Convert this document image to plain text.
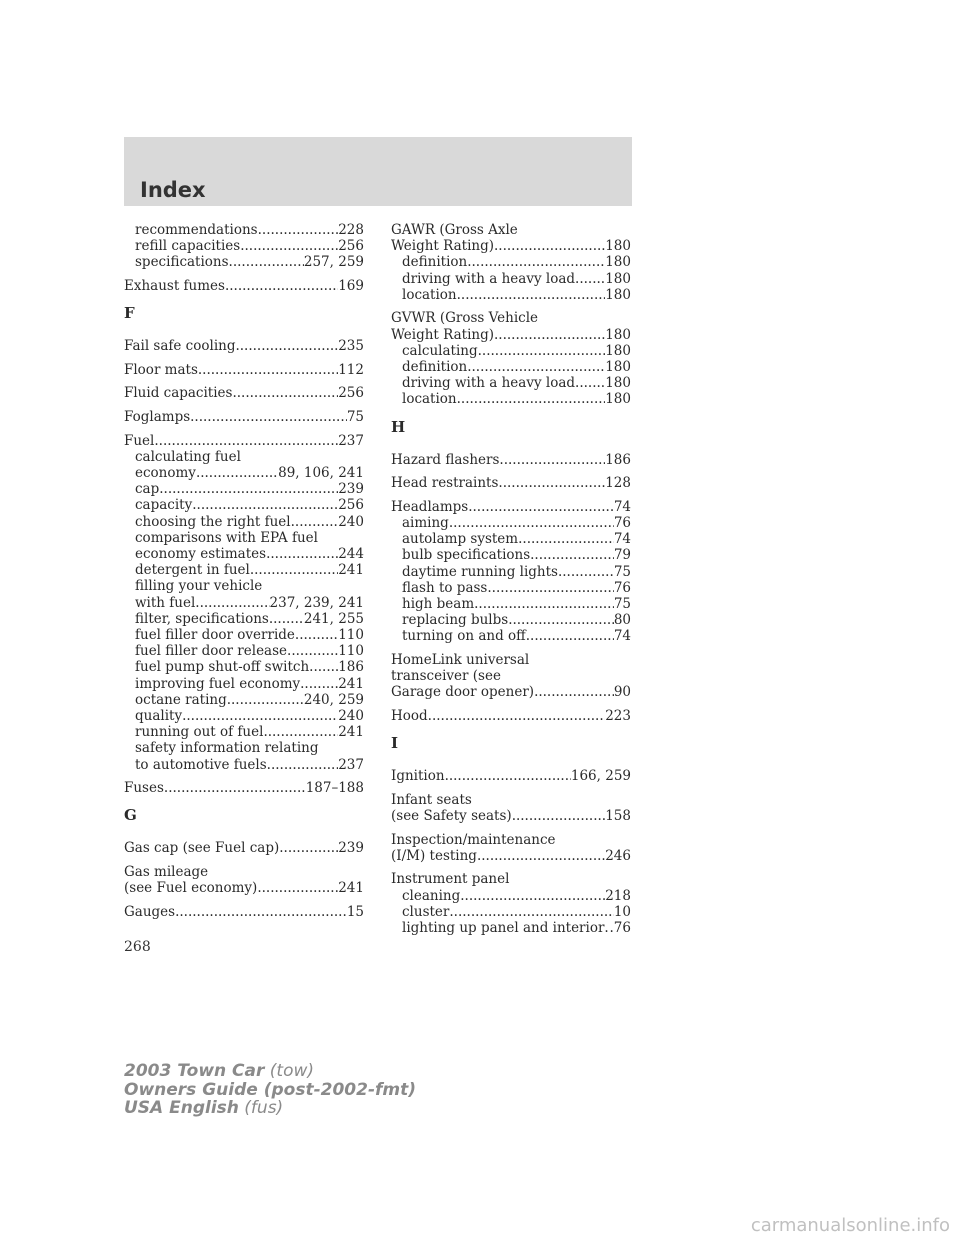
Index
recommendations .....	228
refill capacities .....	256
specifications .....	257, 259
Exhaust fumes .....	169
F
Fail safe cooling .....	235
Floor mats .....	112
Fluid capacities .....	256
Foglamps .....	75
Fuel .....	237
calculating fuel
economy .....	89, 106, 241
cap .....	239
capacity .....	256
choosing the right fuel .....	240
comparisons with EPA fuel
economy estimates .....	244
detergent in fuel .....	241
filling your vehicle
with fuel .....	237, 239, 241
filter, specifications .....	241, 255
fuel filler door override .....	110
fuel filler door release .....	110
fuel pump shut-off switch ..... 186
improving fuel economy .....	241
octane rating .....	240, 259
quality .....	240
running out of fuel .....	241
safety information relating
to automotive fuels .....	237
Fuses .....	187–188
G
Gas cap (see Fuel cap) .....	239
Gas mileage
(see Fuel economy) .....	241
Gauges .....	15
GAWR (Gross Axle
Weight Rating) .....	180
definition .....	180
driving with a heavy load ..... 180
location .....	180
GVWR (Gross Vehicle
Weight Rating) .....	180
calculating .....	180
definition .....	180
driving with a heavy load ..... 180
location .....	180
H
Hazard flashers .....	186
Head restraints .....	128
Headlamps .....	74
aiming .....	76
autolamp system .....	74
bulb specifications .....	79
daytime running lights .....	75
flash to pass .....	76
high beam .....	75
replacing bulbs .....	80
turning on and off .....	74
HomeLink universal
transceiver (see
Garage door opener) .....	90
Hood .....	223
I
Ignition .....	166, 259
Infant seats
(see Safety seats) .....	158
Inspection/maintenance
(I/M) testing .....	246
Instrument panel
cleaning .....	218
cluster .....	10
lighting up panel and interior ..... .76

268

2003 Town Car (tow)
Owners Guide (post-2002-fmt)
USA English (fus)
carmanualsonline.info
